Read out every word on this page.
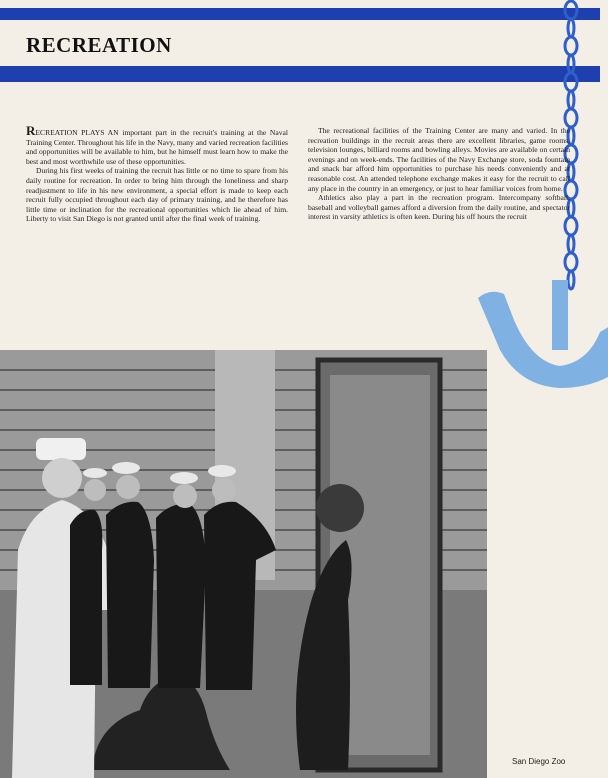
RECREATION

RECREATION PLAYS AN important part in the recruit's training at the Naval Training Center. Throughout his life in the Navy, many and varied recreation facilities and opportunities will be available to him, but he himself must learn how to make the best and most worthwhile use of these opportunities.

During his first weeks of training the recruit has little or no time to spare from his daily routine for recreation. In order to bring him through the loneliness and sharp readjustment to life in his new environment, a special effort is made to keep each recruit fully occupied throughout each day of primary training, and he therefore has little time or inclination for the recreational opportunities which lie ahead of him. Liberty to visit San Diego is not granted until after the final week of training.

The recreational facilities of the Training Center are many and varied. In the recreation buildings in the recruit areas there are excellent libraries, game rooms, television lounges, billiard rooms and bowling alleys. Movies are available on certain evenings and on week-ends. The facilities of the Navy Exchange store, soda fountain and snack bar afford him opportunities to purchase his needs conveniently and at reasonable cost. An attended telephone exchange makes it easy for the recruit to call any place in the country in an emergency, or just to hear familiar voices from home.

Athletics also play a part in the recreation program. Intercompany softball, baseball and volleyball games afford a diversion from the daily routine, and spectator interest in varsity athletics is often keen. During his off hours the recruit

San Diego Zoo
